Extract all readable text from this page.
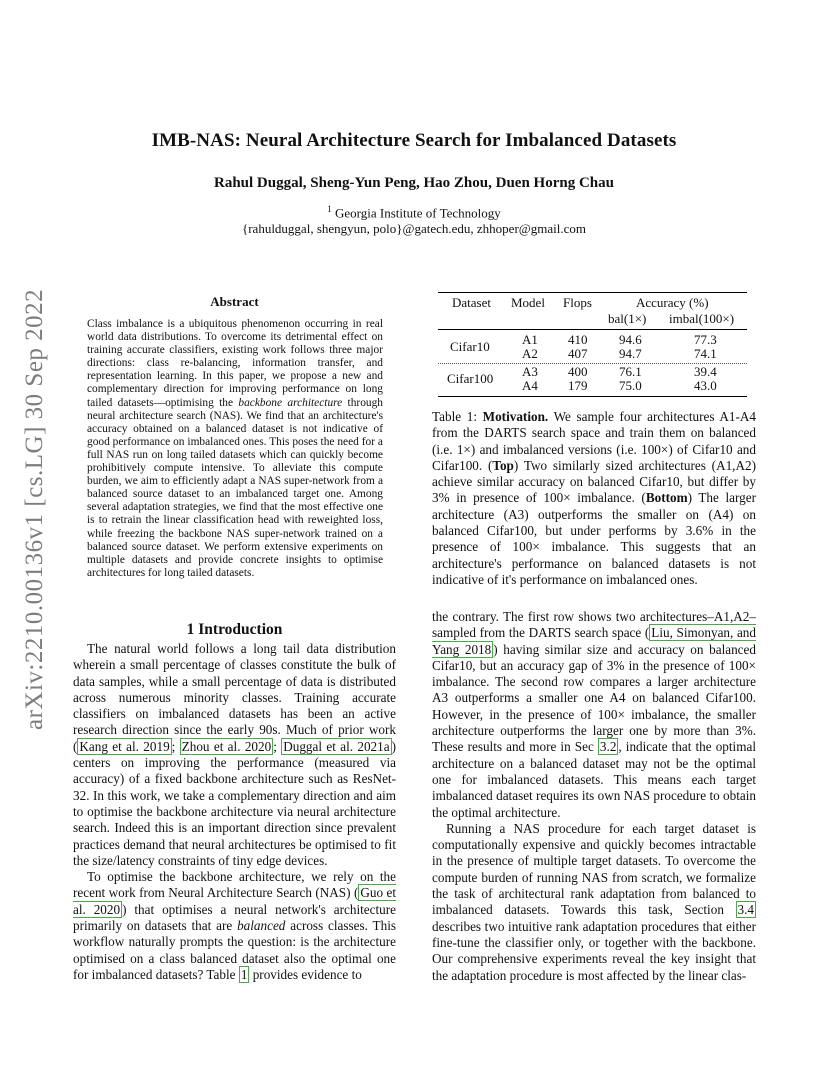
arXiv:2210.00136v1 [cs.LG] 30 Sep 2022
IMB-NAS: Neural Architecture Search for Imbalanced Datasets
Rahul Duggal, Sheng-Yun Peng, Hao Zhou, Duen Horng Chau
$^1$ Georgia Institute of Technology
{rahulduggal, shengyun, polo}@gatech.edu, zhhoper@gmail.com
Abstract

Class imbalance is a ubiquitous phenomenon occurring in real world data distributions. To overcome its detrimental effect on training accurate classifiers, existing work follows three major directions: class re-balancing, information transfer, and representation learning. In this paper, we propose a new and complementary direction for improving performance on long tailed datasets—optimising the backbone architecture through neural architecture search (NAS). We find that an architecture's accuracy obtained on a balanced dataset is not indicative of good performance on imbalanced ones. This poses the need for a full NAS run on long tailed datasets which can quickly become prohibitively compute intensive. To alleviate this compute burden, we aim to efficiently adapt a NAS super-network from a balanced source dataset to an imbalanced target one. Among several adaptation strategies, we find that the most effective one is to retrain the linear classification head with reweighted loss, while freezing the backbone NAS super-network trained on a balanced source dataset. We perform extensive experiments on multiple datasets and provide concrete insights to optimise architectures for long tailed datasets.

1 Introduction

The natural world follows a long tail data distribution wherein a small percentage of classes constitute the bulk of data samples, while a small percentage of data is distributed across numerous minority classes. Training accurate classifiers on imbalanced datasets has been an active research direction since the early 90s. Much of prior work ( Kang et al. 2019 ; Zhou et al. 2020 ; Duggal et al. 2021a ) centers on improving the performance (measured via accuracy) of a fixed backbone architecture such as ResNet-32. In this work, we take a complementary direction and aim to optimise the backbone architecture via neural architecture search. Indeed this is an important direction since prevalent practices demand that neural architectures be optimised to fit the size/latency constraints of tiny edge devices.

To optimise the backbone architecture, we rely on the recent work from Neural Architecture Search (NAS) ( Guo et al. 2020 ) that optimises a neural network's architecture primarily on datasets that are balanced across classes. This workflow naturally prompts the question: is the architecture optimised on a class balanced dataset also the optimal one for imbalanced datasets? Table 1 provides evidence to

Dataset Model Flops	Accuracy (%)
bal(1×) imbal(100×)
Cifar10 A1 410 94.6	77.3
A2 407 94.7	74.1
Cifar100 A3 400 76.1	39.4
A4 179 75.0	43.0
Table 1: Motivation. We sample four architectures A1-A4 from the DARTS search space and train them on balanced (i.e. 1×) and imbalanced versions (i.e. 100×) of Cifar10 and Cifar100. (Top) Two similarly sized architectures (A1,A2) achieve similar accuracy on balanced Cifar10, but differ by 3% in presence of 100× imbalance. (Bottom) The larger architecture (A3) outperforms the smaller on (A4) on balanced Cifar100, but under performs by 3.6% in the presence of 100× imbalance. This suggests that an architecture's performance on balanced datasets is not indicative of it's performance on imbalanced ones.

the contrary. The first row shows two architectures–A1,A2–sampled from the DARTS search space ( Liu, Simonyan, and Yang 2018 ) having similar size and accuracy on balanced Cifar10, but an accuracy gap of 3% in the presence of 100× imbalance. The second row compares a larger architecture A3 outperforms a smaller one A4 on balanced Cifar100. However, in the presence of 100× imbalance, the smaller architecture outperforms the larger one by more than 3%. These results and more in Sec 3.2 , indicate that the optimal architecture on a balanced dataset may not be the optimal one for imbalanced datasets. This means each target imbalanced dataset requires its own NAS procedure to obtain the optimal architecture.

Running a NAS procedure for each target dataset is computationally expensive and quickly becomes intractable in the presence of multiple target datasets. To overcome the compute burden of running NAS from scratch, we formalize the task of architectural rank adaptation from balanced to imbalanced datasets. Towards this task, Section 3.4 describes two intuitive rank adaptation procedures that either fine-tune the classifier only, or together with the backbone. Our comprehensive experiments reveal the key insight that the adaptation procedure is most affected by the linear clas-
